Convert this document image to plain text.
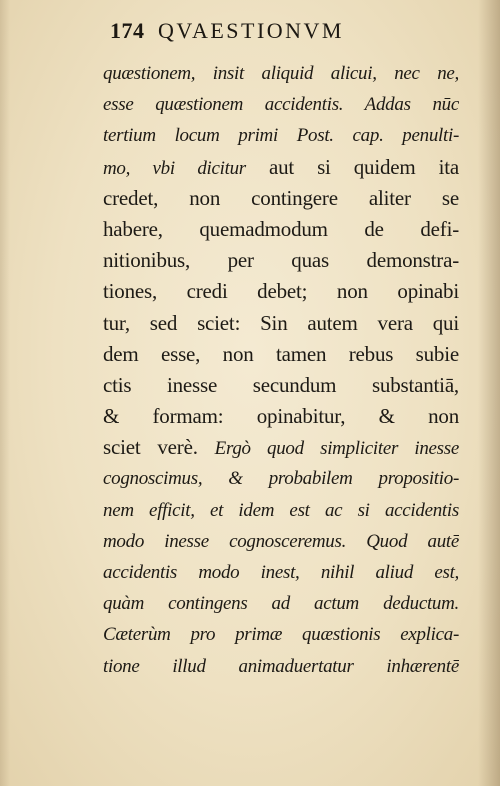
174 QVAESTIONVM
quæstionem, insit aliquid alicui, nec ne,
esse quæstionem accidentis. Addas nūc
tertium locum primi Post. cap. penulti-
mo, vbi dicitur aut si quidem ita
credet, non contingere aliter se
habere, quemadmodum de defi-
nitionibus, per quas demonstra-
tiones, credi debet; non opinabi
tur, sed sciet: Sin autem vera qui
dem esse, non tamen rebus subie
ctis inesse secundum substantiā,
& formam: opinabitur, & non
sciet verè. Ergò quod simpliciter inesse
cognoscimus, & probabilem propositio-
nem efficit, et idem est ac si accidentis
modo inesse cognosceremus. Quod autē
accidentis modo inest, nihil aliud est,
quàm contingens ad actum deductum.
Cæterùm pro primæ quæstionis explica-
tione illud animaduertatur inhærentē
